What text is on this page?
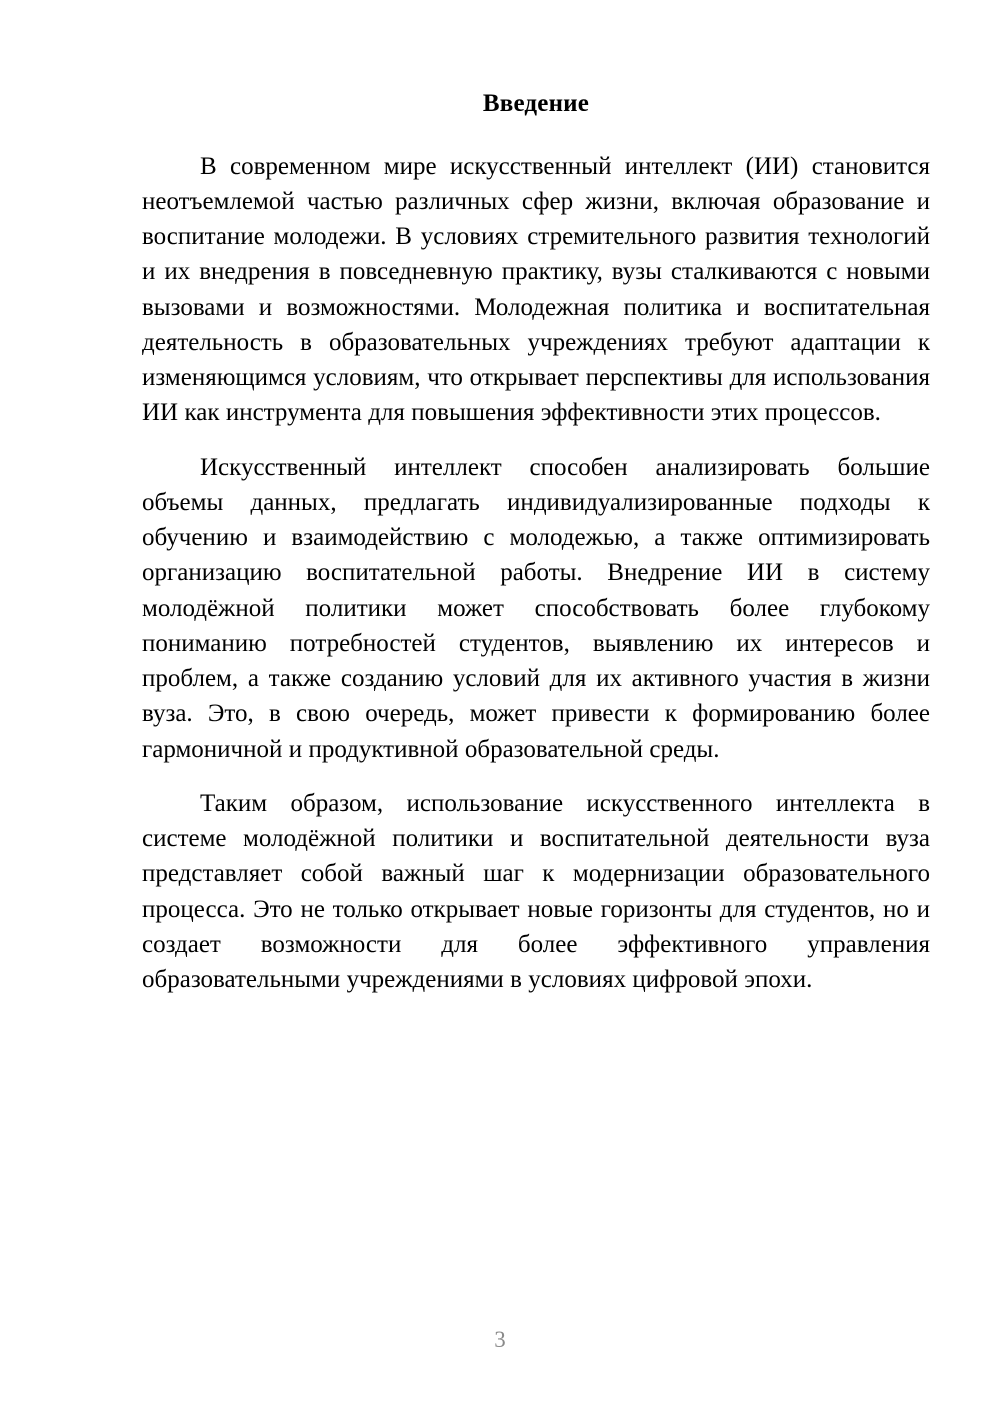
Введение

В современном мире искусственный интеллект (ИИ) становится неотъемлемой частью различных сфер жизни, включая образование и воспитание молодежи. В условиях стремительного развития технологий и их внедрения в повседневную практику, вузы сталкиваются с новыми вызовами и возможностями. Молодежная политика и воспитательная деятельность в образовательных учреждениях требуют адаптации к изменяющимся условиям, что открывает перспективы для использования ИИ как инструмента для повышения эффективности этих процессов.

Искусственный интеллект способен анализировать большие объемы данных, предлагать индивидуализированные подходы к обучению и взаимодействию с молодежью, а также оптимизировать организацию воспитательной работы. Внедрение ИИ в систему молодёжной политики может способствовать более глубокому пониманию потребностей студентов, выявлению их интересов и проблем, а также созданию условий для их активного участия в жизни вуза. Это, в свою очередь, может привести к формированию более гармоничной и продуктивной образовательной среды.

Таким образом, использование искусственного интеллекта в системе молодёжной политики и воспитательной деятельности вуза представляет собой важный шаг к модернизации образовательного процесса. Это не только открывает новые горизонты для студентов, но и создает возможности для более эффективного управления образовательными учреждениями в условиях цифровой эпохи.

3
